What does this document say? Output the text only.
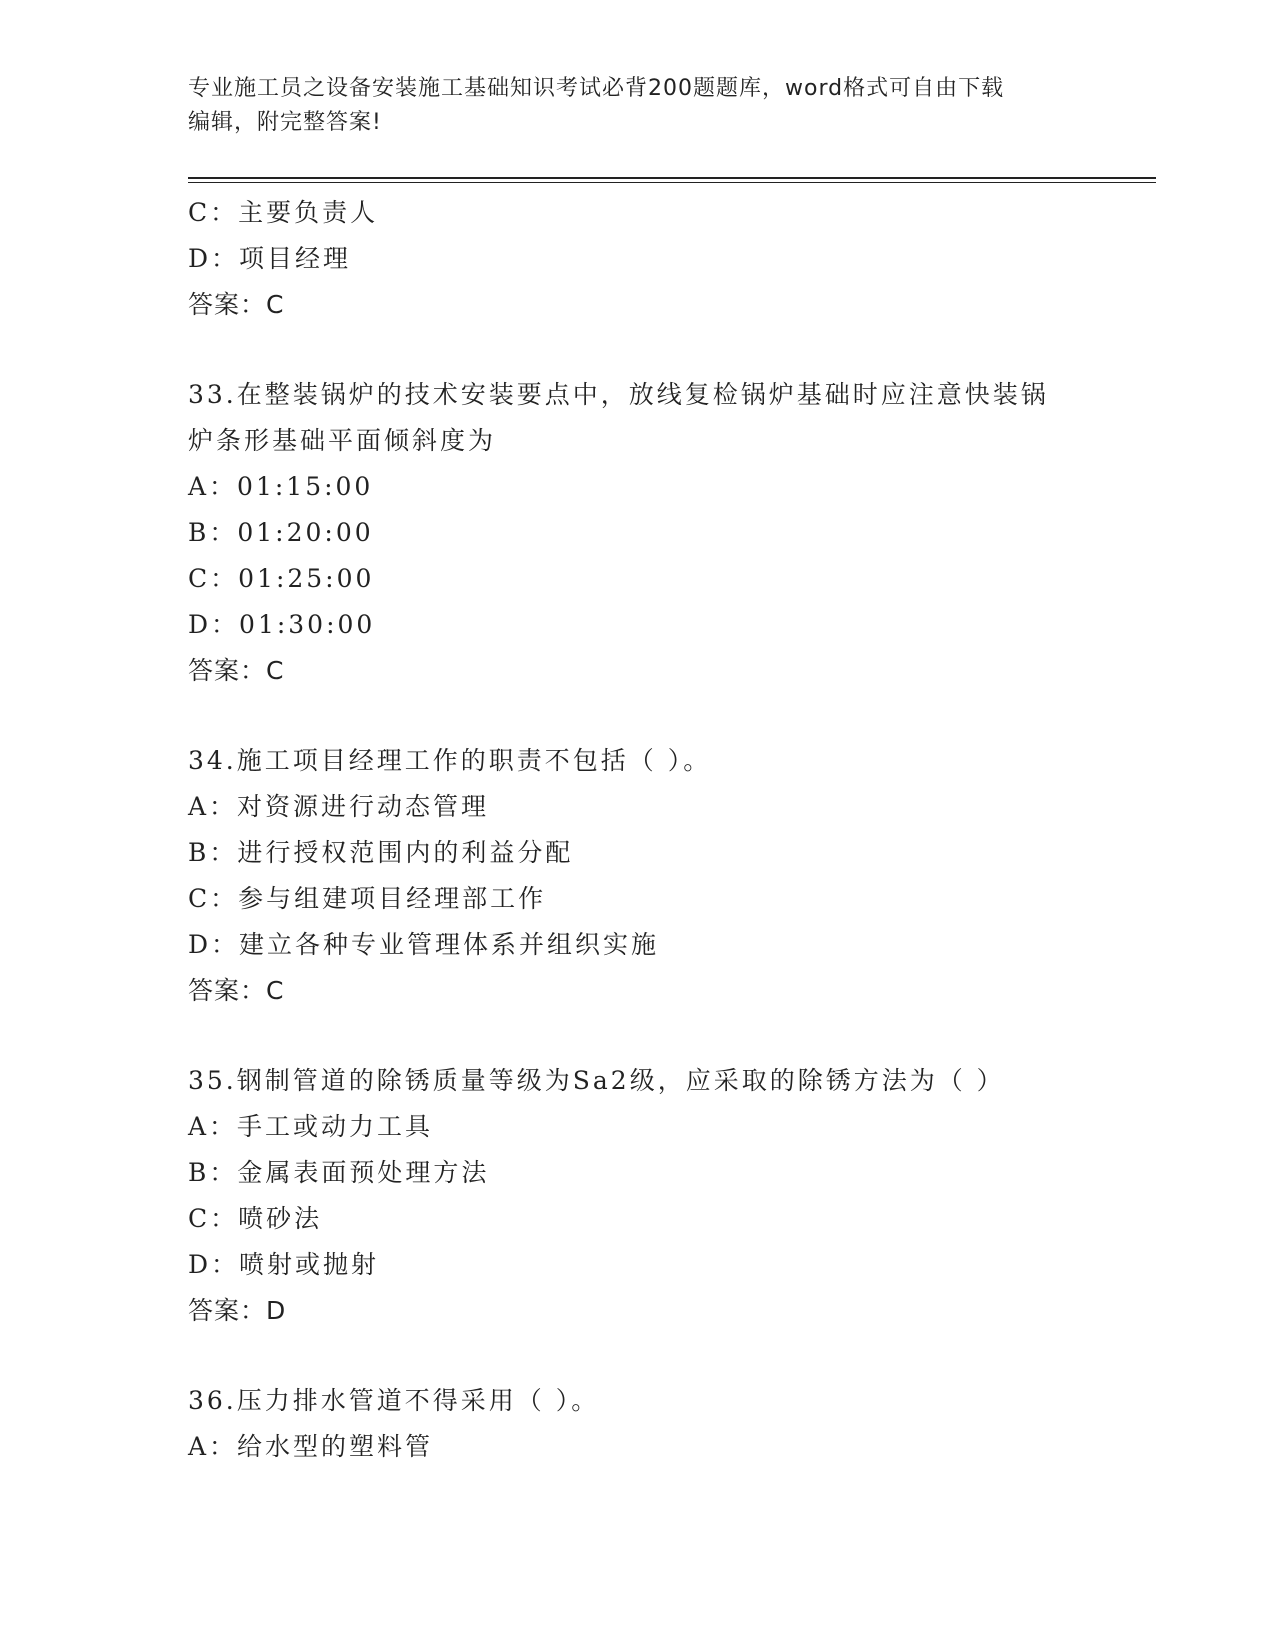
专业施工员之设备安装施工基础知识考试必背200题题库，word格式可自由下载
编辑，附完整答案!
C：主要负责人
D：项目经理
答案：C
33.在整装锅炉的技术安装要点中，放线复检锅炉基础时应注意快装锅
炉条形基础平面倾斜度为
A：01:15:00
B：01:20:00
C：01:25:00
D：01:30:00
答案：C
34.施工项目经理工作的职责不包括（ ）。
A：对资源进行动态管理
B：进行授权范围内的利益分配
C：参与组建项目经理部工作
D：建立各种专业管理体系并组织实施
答案：C
35.钢制管道的除锈质量等级为Sa2级，应采取的除锈方法为（ ）
A：手工或动力工具
B：金属表面预处理方法
C：喷砂法
D：喷射或抛射
答案：D
36.压力排水管道不得采用（ ）。
A：给水型的塑料管
